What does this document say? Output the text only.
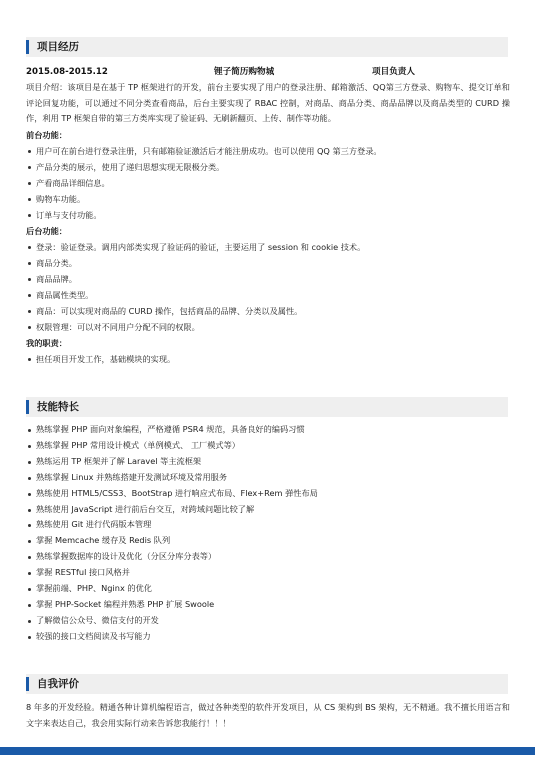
项目经历
2015.08-2015.12	锂子简历购物城	项目负责人

项目介绍：该项目是在基于 TP 框架进行的开发，前台主要实现了用户的登录注册、邮箱激活、QQ第三方登录、购物车、提交订单和评论回复功能，可以通过不同分类查看商品，后台主要实现了 RBAC 控制，对商品、商品分类、商品品牌以及商品类型的 CURD 操作，利用 TP 框架自带的第三方类库实现了验证码、无刷新翻页、上传、制作等功能。

前台功能：
用户可在前台进行登录注册，只有邮箱验证激活后才能注册成功。也可以使用 QQ 第三方登录。
产品分类的展示，使用了递归思想实现无限极分类。
产看商品详细信息。
购物车功能。
订单与支付功能。
后台功能：
登录：验证登录。调用内部类实现了验证码的验证，主要运用了 session 和 cookie 技术。
商品分类。
商品品牌。
商品属性类型。
商品：可以实现对商品的 CURD 操作，包括商品的品牌、分类以及属性。
权限管理：可以对不同用户分配不同的权限。
我的职责：
担任项目开发工作，基础模块的实现。
技能特长
熟练掌握 PHP 面向对象编程，严格遵循 PSR4 规范，具备良好的编码习惯
熟练掌握 PHP 常用设计模式（单例模式、 工厂模式等）
熟练运用 TP 框架并了解 Laravel 等主流框架
熟练掌握 Linux 并熟练搭建开发测试环境及常用服务
熟练使用 HTML5/CSS3、BootStrap 进行响应式布局、Flex+Rem 弹性布局
熟练使用 JavaScript 进行前后台交互，对跨域问题比较了解
熟练使用 Git 进行代码版本管理
掌握 Memcache 缓存及 Redis 队列
熟练掌握数据库的设计及优化（分区分库分表等）
掌握 RESTful 接口风格并
掌握前端、PHP、Nginx 的优化
掌握 PHP-Socket 编程并熟悉 PHP 扩展 Swoole
了解微信公众号、微信支付的开发
较强的接口文档阅读及书写能力
自我评价

8 年多的开发经验。精通各种计算机编程语言，做过各种类型的软件开发项目，从 CS 架构到 BS 架构，无不精通。我不擅长用语言和文字来表达自己，我会用实际行动来告诉您我能行！！！
